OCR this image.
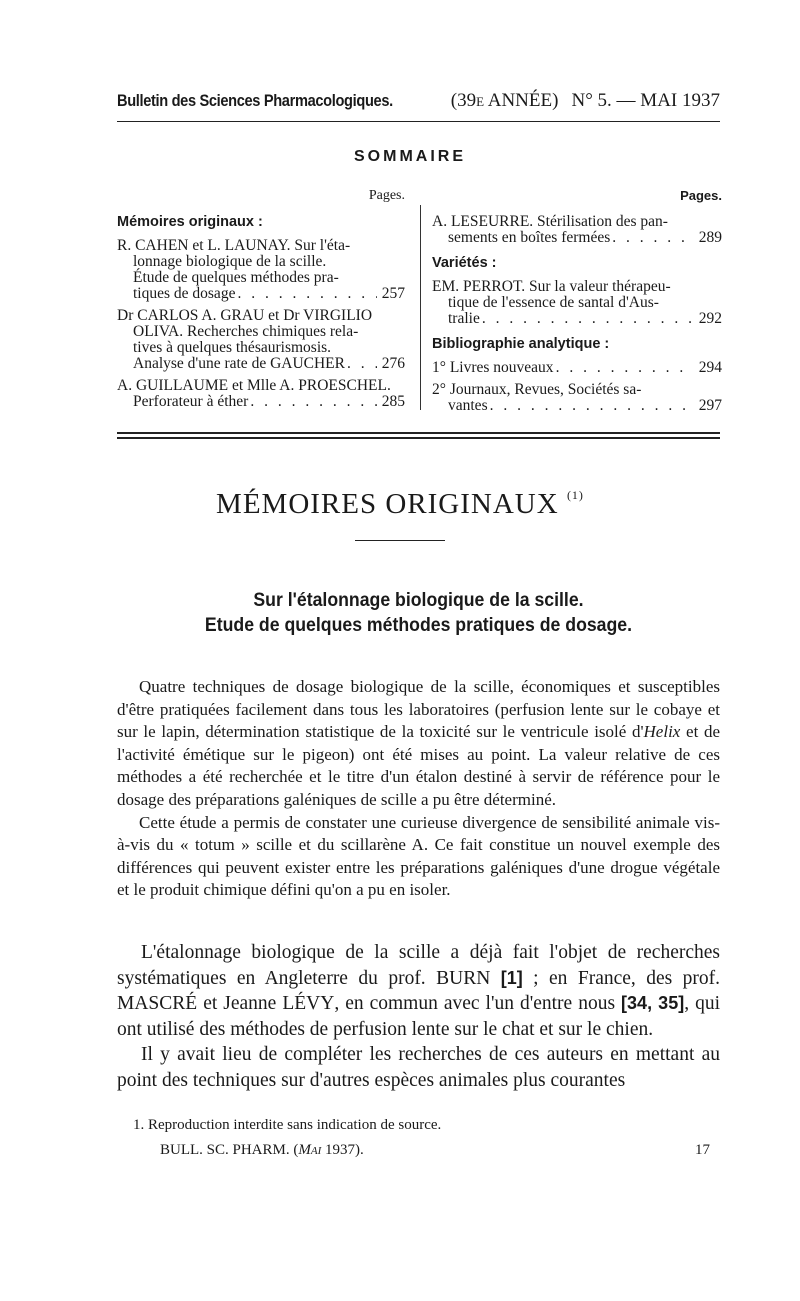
Bulletin des Sciences Pharmacologiques.	(39e ANNÉE) N° 5. — MAI 1937
SOMMAIRE
Pages.
Mémoires originaux :
R. CAHEN et L. LAUNAY. Sur l'éta-
lonnage biologique de la scille.
Étude de quelques méthodes pra-
tiques de dosage . . .	257
Dr CARLOS A. GRAU et Dr VIRGILIO
OLIVA. Recherches chimiques rela-
tives à quelques thésaurismosis.
Analyse d'une rate de GAUCHER . . . 276
A. GUILLAUME et Mlle A. PROESCHEL.
Perforateur à éther . . .	285
Pages.
A. LESEURRE. Stérilisation des pan-
sements en boîtes fermées . . .	289
Variétés :
EM. PERROT. Sur la valeur thérapeu-
tique de l'essence de santal d'Aus-
tralie . . .	292
Bibliographie analytique :
1° Livres nouveaux . . .	294
2° Journaux, Revues, Sociétés sa-
vantes . . .	297
MÉMOIRES ORIGINAUX $^{(1)}$
Sur l'étalonnage biologique de la scille.
Etude de quelques méthodes pratiques de dosage.

Quatre techniques de dosage biologique de la scille, économiques et susceptibles d'être pratiquées facilement dans tous les laboratoires (perfusion lente sur le cobaye et sur le lapin, détermination statistique de la toxicité sur le ventricule isolé d'Helix et de l'activité émétique sur le pigeon) ont été mises au point. La valeur relative de ces méthodes a été recherchée et le titre d'un étalon destiné à servir de référence pour le dosage des préparations galéniques de scille a pu être déterminé.

Cette étude a permis de constater une curieuse divergence de sensibilité animale vis-à-vis du « totum » scille et du scillarène A. Ce fait constitue un nouvel exemple des différences qui peuvent exister entre les préparations galéniques d'une drogue végétale et le produit chimique défini qu'on a pu en isoler.

L'étalonnage biologique de la scille a déjà fait l'objet de recherches systématiques en Angleterre du prof. BURN [1] ; en France, des prof. MASCRÉ et Jeanne LÉVY, en commun avec l'un d'entre nous [34, 35], qui ont utilisé des méthodes de perfusion lente sur le chat et sur le chien.

Il y avait lieu de compléter les recherches de ces auteurs en mettant au point des techniques sur d'autres espèces animales plus courantes

1. Reproduction interdite sans indication de source.
BULL. SC. PHARM. (Mai 1937).	17
